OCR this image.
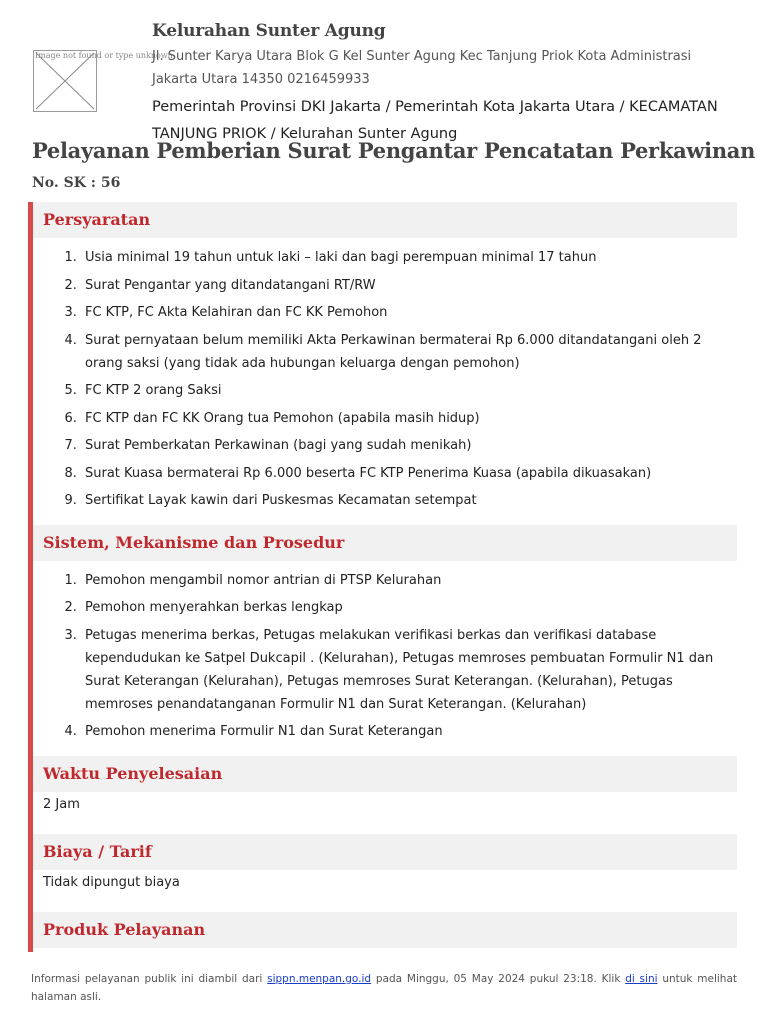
Image not found or type unknown
Kelurahan Sunter Agung
Jl. Sunter Karya Utara Blok G Kel Sunter Agung Kec Tanjung Priok Kota Administrasi Jakarta Utara 14350 0216459933
Pemerintah Provinsi DKI Jakarta / Pemerintah Kota Jakarta Utara / KECAMATAN TANJUNG PRIOK / Kelurahan Sunter Agung
Pelayanan Pemberian Surat Pengantar Pencatatan Perkawinan
No. SK : 56
Persyaratan
1. Usia minimal 19 tahun untuk laki – laki dan bagi perempuan minimal 17 tahun
2. Surat Pengantar yang ditandatangani RT/RW
3. FC KTP, FC Akta Kelahiran dan FC KK Pemohon
4. Surat pernyataan belum memiliki Akta Perkawinan bermaterai Rp 6.000 ditandatangani oleh 2 orang saksi (yang tidak ada hubungan keluarga dengan pemohon)
5. FC KTP 2 orang Saksi
6. FC KTP dan FC KK Orang tua Pemohon (apabila masih hidup)
7. Surat Pemberkatan Perkawinan (bagi yang sudah menikah)
8. Surat Kuasa bermaterai Rp 6.000 beserta FC KTP Penerima Kuasa (apabila dikuasakan)
9. Sertifikat Layak kawin dari Puskesmas Kecamatan setempat
Sistem, Mekanisme dan Prosedur
1. Pemohon mengambil nomor antrian di PTSP Kelurahan
2. Pemohon menyerahkan berkas lengkap
3. Petugas menerima berkas, Petugas melakukan verifikasi berkas dan verifikasi database kependudukan ke Satpel Dukcapil . (Kelurahan), Petugas memroses pembuatan Formulir N1 dan Surat Keterangan (Kelurahan), Petugas memroses Surat Keterangan. (Kelurahan), Petugas memroses penandatanganan Formulir N1 dan Surat Keterangan. (Kelurahan)
4. Pemohon menerima Formulir N1 dan Surat Keterangan
Waktu Penyelesaian
2 Jam
Biaya / Tarif
Tidak dipungut biaya
Produk Pelayanan
Informasi pelayanan publik ini diambil dari sippn.menpan.go.id pada Minggu, 05 May 2024 pukul 23:18. Klik di sini untuk melihat halaman asli.
